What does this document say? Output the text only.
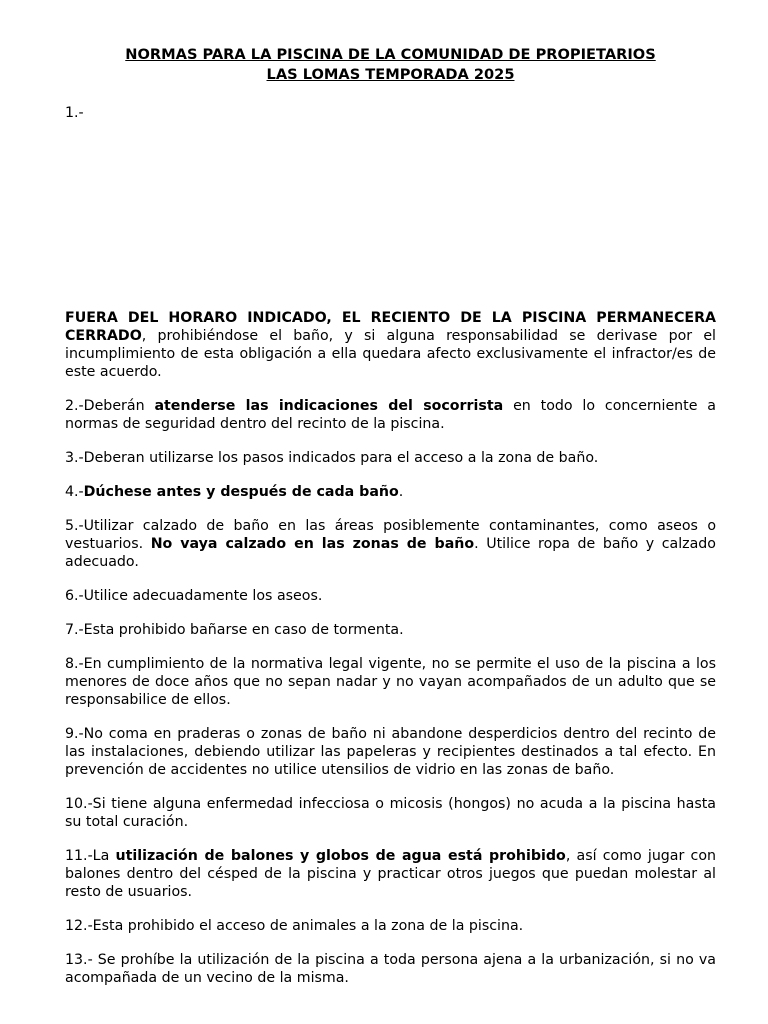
NORMAS PARA LA PISCINA DE LA COMUNIDAD DE PROPIETARIOS
LAS LOMAS TEMPORADA 2025
1.-

FUERA DEL HORARO INDICADO, EL RECIENTO DE LA PISCINA PERMANECERA CERRADO, prohibiéndose el baño, y si alguna responsabilidad se derivase por el incumplimiento de esta obligación a ella quedara afecto exclusivamente el infractor/es de este acuerdo.

2.-Deberán atenderse las indicaciones del socorrista en todo lo concerniente a normas de seguridad dentro del recinto de la piscina.

3.-Deberan utilizarse los pasos indicados para el acceso a la zona de baño.

4.-Dúchese antes y después de cada baño.

5.-Utilizar calzado de baño en las áreas posiblemente contaminantes, como aseos o vestuarios. No vaya calzado en las zonas de baño. Utilice ropa de baño y calzado adecuado.

6.-Utilice adecuadamente los aseos.

7.-Esta prohibido bañarse en caso de tormenta.

8.-En cumplimiento de la normativa legal vigente, no se permite el uso de la piscina a los menores de doce años que no sepan nadar y no vayan acompañados de un adulto que se responsabilice de ellos.

9.-No coma en praderas o zonas de baño ni abandone desperdicios dentro del recinto de las instalaciones, debiendo utilizar las papeleras y recipientes destinados a tal efecto. En prevención de accidentes no utilice utensilios de vidrio en las zonas de baño.

10.-Si tiene alguna enfermedad infecciosa o micosis (hongos) no acuda a la piscina hasta su total curación.

11.-La utilización de balones y globos de agua está prohibido, así como jugar con balones dentro del césped de la piscina y practicar otros juegos que puedan molestar al resto de usuarios.

12.-Esta prohibido el acceso de animales a la zona de la piscina.

13.- Se prohíbe la utilización de la piscina a toda persona ajena a la urbanización, si no va acompañada de un vecino de la misma.
